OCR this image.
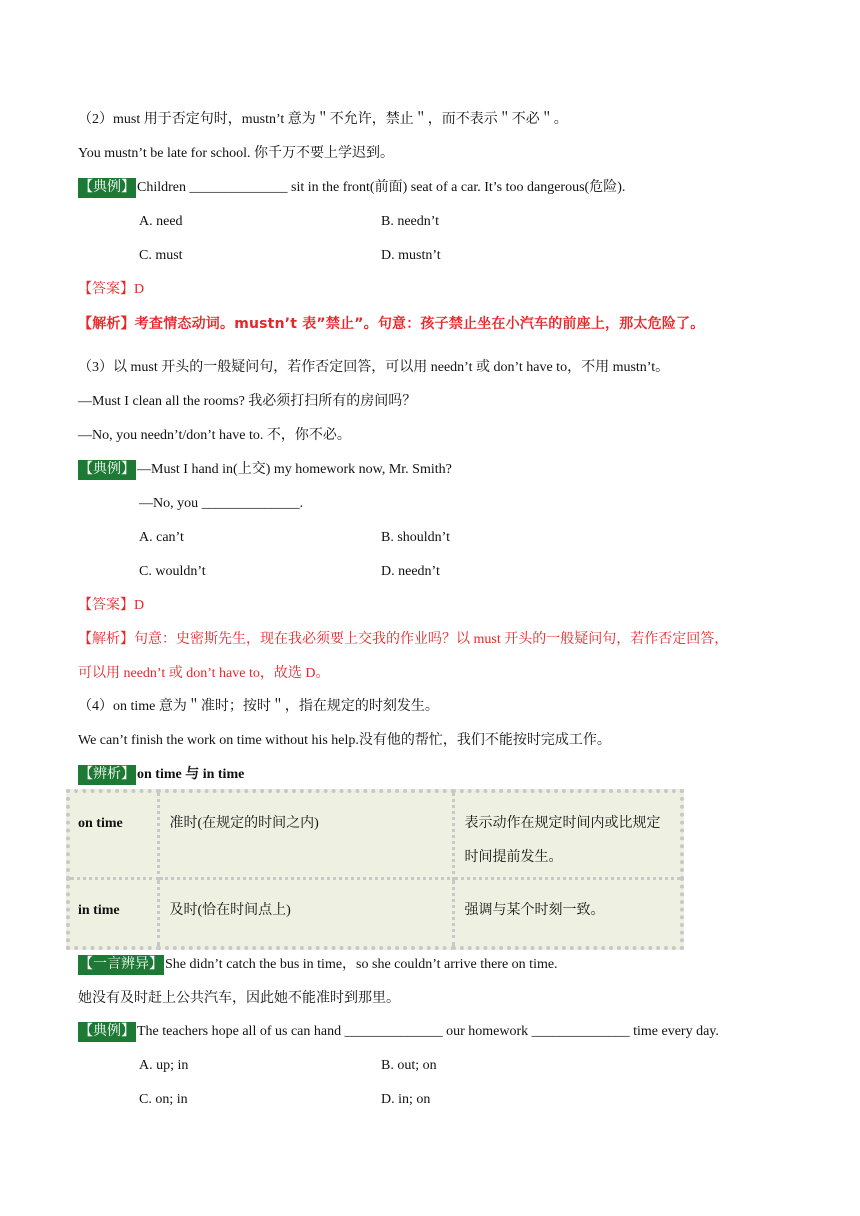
（2）must 用于否定句时，mustn’t 意为＂不允许，禁止＂，而不表示＂不必＂。
You mustn’t be late for school. 你千万不要上学迟到。
【典例】 Children ______________ sit in the front(前面) seat of a car. It’s too dangerous(危险).
A. need	B. needn’t
C. must	D. mustn’t
【答案】D
【解析】考查情态动词。mustn’t 表”禁止”。句意：孩子禁止坐在小汽车的前座上，那太危险了。
（3）以 must 开头的一般疑问句，若作否定回答，可以用 needn’t 或 don’t have to，不用 mustn’t。
—Must I clean all the rooms? 我必须打扫所有的房间吗？
—No, you needn’t/don’t have to. 不，你不必。
【典例】 —Must I hand in(上交) my homework now, Mr. Smith?
—No, you ______________.
A. can’t	B. shouldn’t
C. wouldn’t	D. needn’t
【答案】D
【解析】句意：史密斯先生，现在我必须要上交我的作业吗？以 must 开头的一般疑问句，若作否定回答，
可以用 needn’t 或 don’t have to，故选 D。
（4）on time 意为＂准时；按时＂，指在规定的时刻发生。
We can’t finish the work on time without his help.没有他的帮忙，我们不能按时完成工作。
【辨析】 on time 与 in time
on time	准时(在规定的时间之内)	表示动作在规定时间内或比规定时间提前发生。
in time	及时(恰在时间点上)	强调与某个时刻一致。
【一言辨异】 She didn’t catch the bus in time，so she couldn’t arrive there on time.
她没有及时赶上公共汽车，因此她不能准时到那里。
【典例】 The teachers hope all of us can hand ______________ our homework ______________ time every day.
A. up; in	B. out; on
C. on; in	D. in; on
